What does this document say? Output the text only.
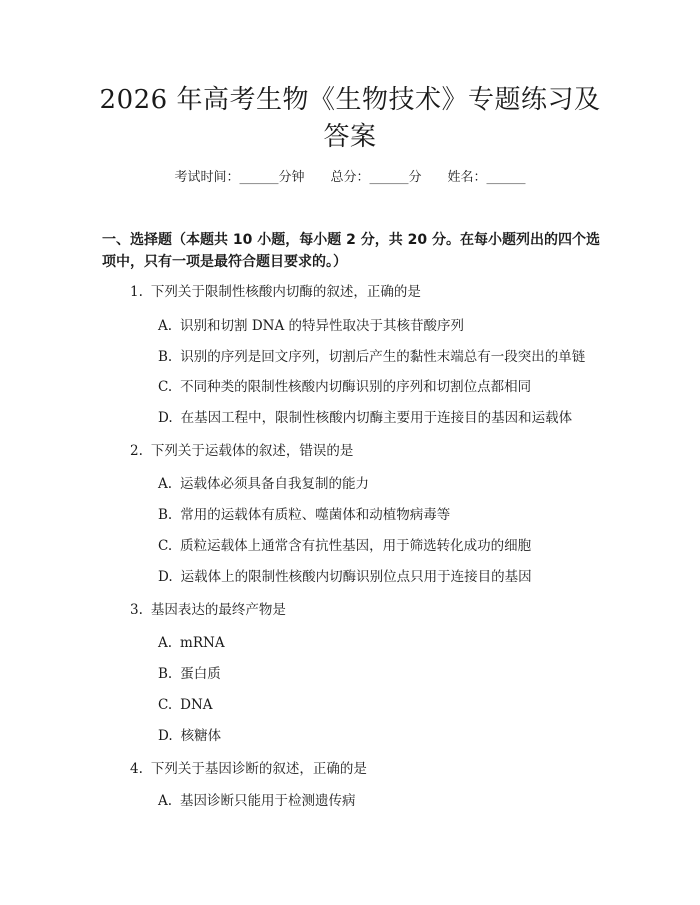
2026 年高考生物《生物技术》专题练习及答案
考试时间：______分钟 总分：______分 姓名：______
一、选择题（本题共 10 小题，每小题 2 分，共 20 分。在每小题列出的四个选项中，只有一项是最符合题目要求的。）
1. 下列关于限制性核酸内切酶的叙述，正确的是
A. 识别和切割 DNA 的特异性取决于其核苷酸序列
B. 识别的序列是回文序列，切割后产生的黏性末端总有一段突出的单链
C. 不同种类的限制性核酸内切酶识别的序列和切割位点都相同
D. 在基因工程中，限制性核酸内切酶主要用于连接目的基因和运载体
2. 下列关于运载体的叙述，错误的是
A. 运载体必须具备自我复制的能力
B. 常用的运载体有质粒、噬菌体和动植物病毒等
C. 质粒运载体上通常含有抗性基因，用于筛选转化成功的细胞
D. 运载体上的限制性核酸内切酶识别位点只用于连接目的基因
3. 基因表达的最终产物是
A. mRNA
B. 蛋白质
C. DNA
D. 核糖体
4. 下列关于基因诊断的叙述，正确的是
A. 基因诊断只能用于检测遗传病
